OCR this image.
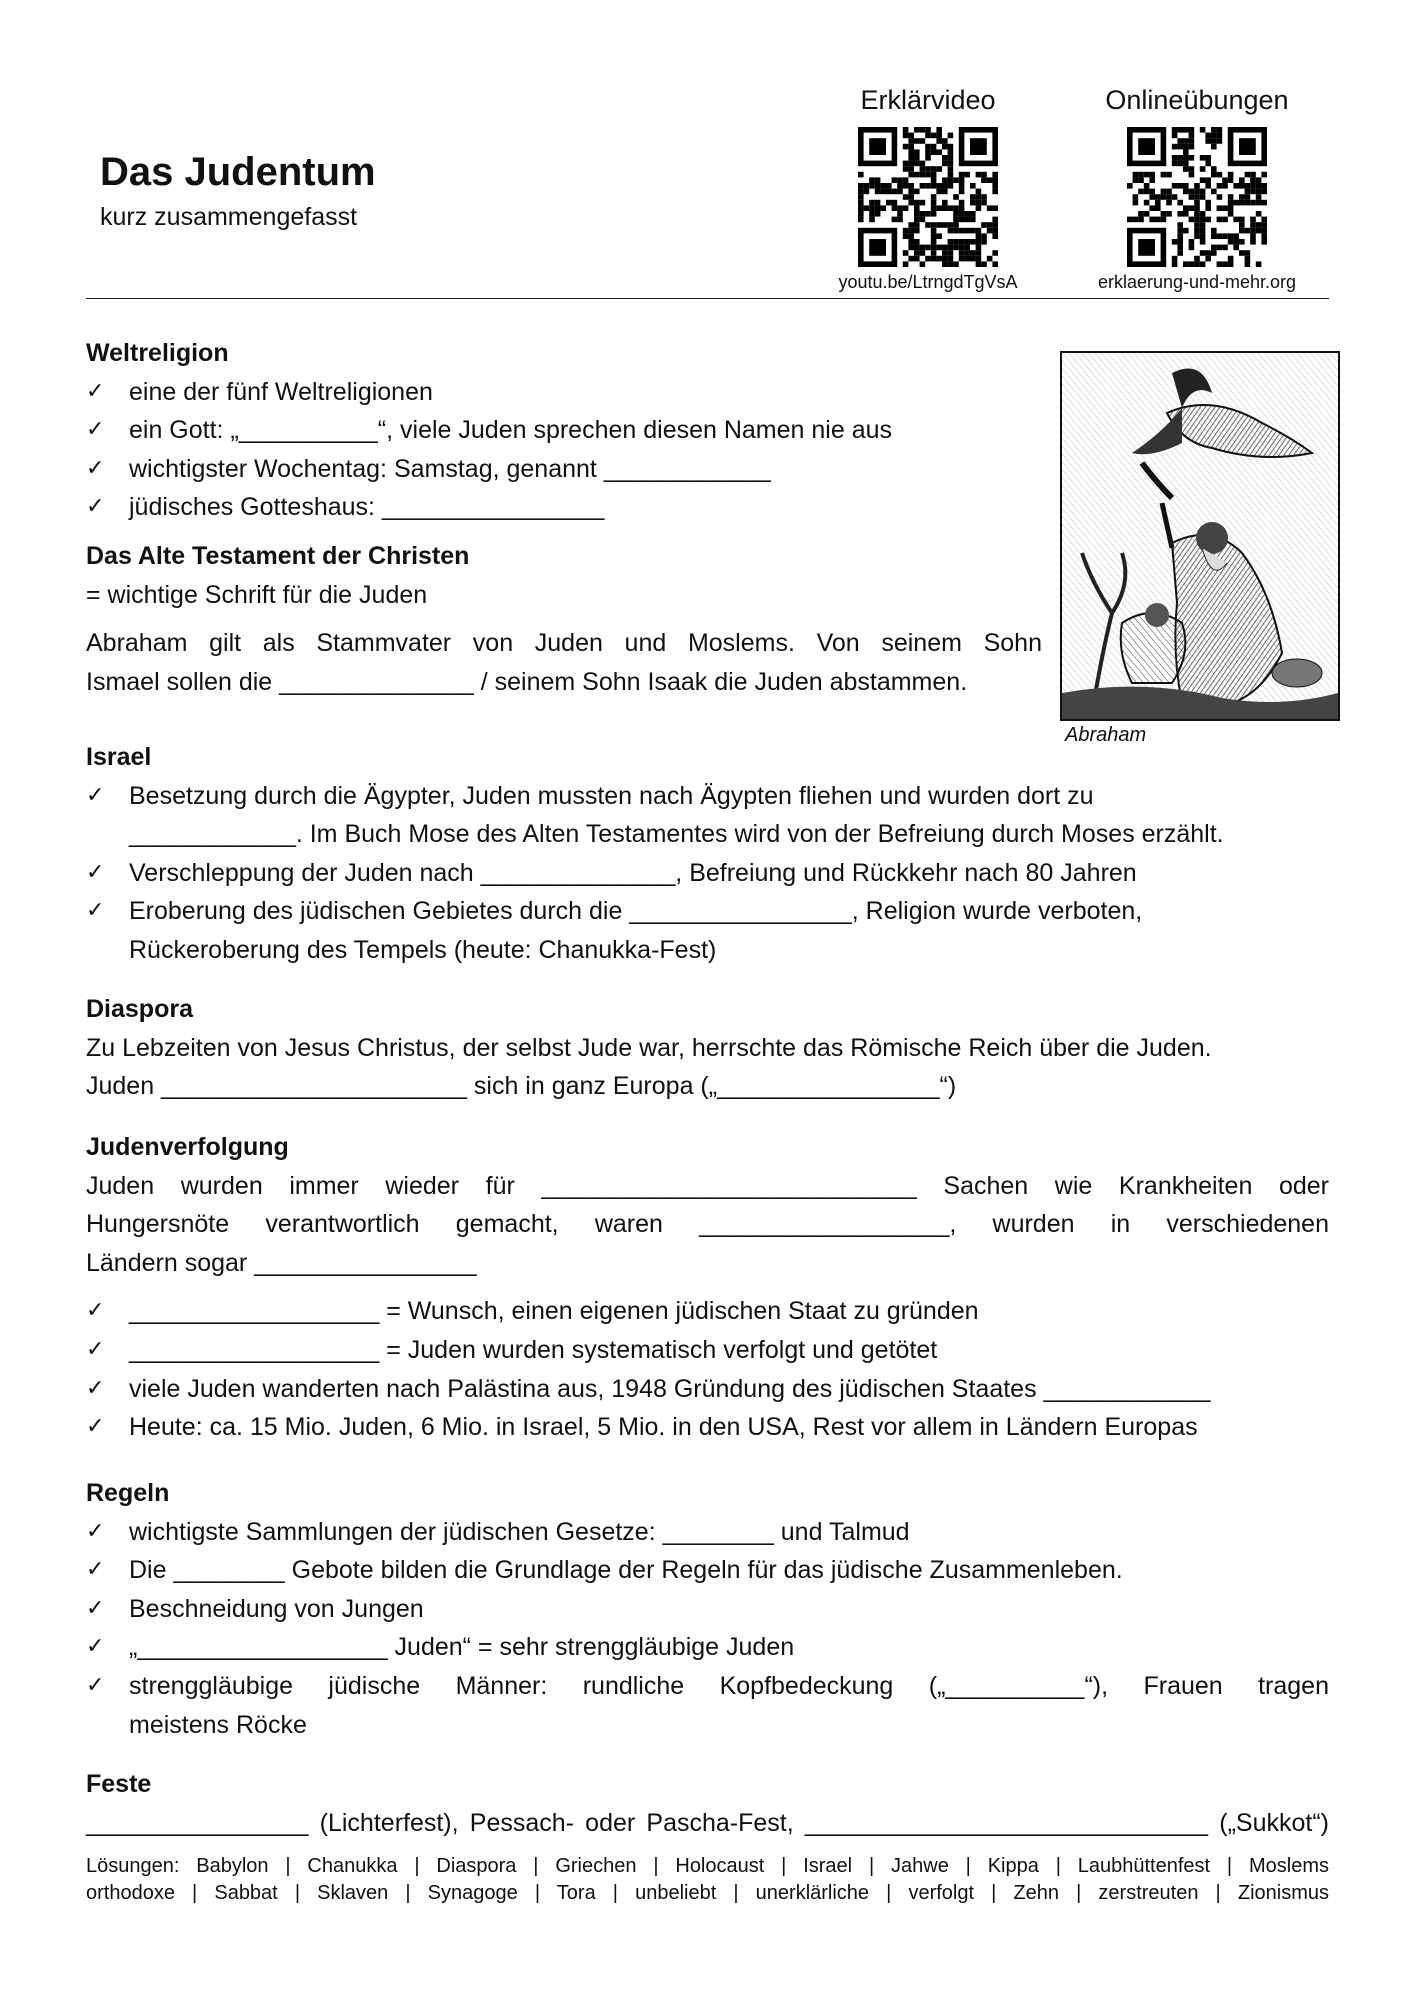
Das Judentum
kurz zusammengefasst
Erklärvideo
youtu.be/LtrngdTgVsA
Onlineübungen
erklaerung-und-mehr.org
Abraham
Weltreligion
✓ eine der fünf Weltreligionen
✓ ein Gott: „__________“, viele Juden sprechen diesen Namen nie aus
✓ wichtigster Wochentag: Samstag, genannt ____________
✓ jüdisches Gotteshaus: ________________
Das Alte Testament der Christen
= wichtige Schrift für die Juden
Abraham gilt als Stammvater von Juden und Moslems. Von seinem Sohn
Ismael sollen die ______________ / seinem Sohn Isaak die Juden abstammen.
Israel
✓ Besetzung durch die Ägypter, Juden mussten nach Ägypten fliehen und wurden dort zu
____________. Im Buch Mose des Alten Testamentes wird von der Befreiung durch Moses erzählt.
✓ Verschleppung der Juden nach ______________, Befreiung und Rückkehr nach 80 Jahren
✓ Eroberung des jüdischen Gebietes durch die ________________, Religion wurde verboten,
Rückeroberung des Tempels (heute: Chanukka-Fest)
Diaspora
Zu Lebzeiten von Jesus Christus, der selbst Jude war, herrschte das Römische Reich über die Juden.
Juden ______________________ sich in ganz Europa („________________“)
Judenverfolgung
Juden wurden immer wieder für ___________________________ Sachen wie Krankheiten oder
Hungersnöte verantwortlich gemacht, waren __________________, wurden in verschiedenen
Ländern sogar ________________
✓ __________________ = Wunsch, einen eigenen jüdischen Staat zu gründen
✓ __________________ = Juden wurden systematisch verfolgt und getötet
✓ viele Juden wanderten nach Palästina aus, 1948 Gründung des jüdischen Staates ____________
✓ Heute: ca. 15 Mio. Juden, 6 Mio. in Israel, 5 Mio. in den USA, Rest vor allem in Ländern Europas
Regeln
✓ wichtigste Sammlungen der jüdischen Gesetze: ________ und Talmud
✓ Die ________ Gebote bilden die Grundlage der Regeln für das jüdische Zusammenleben.
✓ Beschneidung von Jungen
✓ „__________________ Juden“ = sehr strenggläubige Juden
✓ strenggläubige jüdische Männer: rundliche Kopfbedeckung („__________“), Frauen tragen
meistens Röcke
Feste
________________ (Lichterfest), Pessach- oder Pascha-Fest, _____________________________ („Sukkot“)
Lösungen: Babylon | Chanukka | Diaspora | Griechen | Holocaust | Israel | Jahwe | Kippa | Laubhüttenfest | Moslems
orthodoxe | Sabbat | Sklaven | Synagoge | Tora | unbeliebt | unerklärliche | verfolgt | Zehn | zerstreuten | Zionismus
